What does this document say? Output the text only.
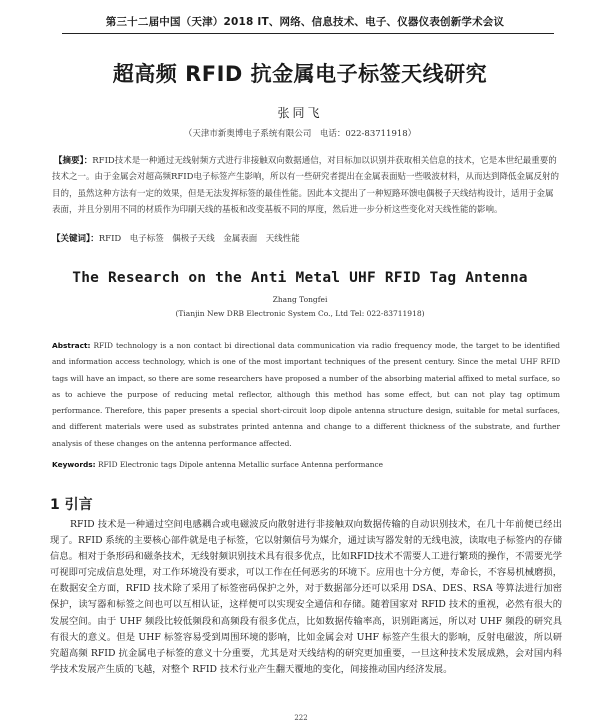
第三十二届中国（天津）2018 IT、网络、信息技术、电子、仪器仪表创新学术会议
超高频 RFID 抗金属电子标签天线研究
张同飞
（天津市新奥博电子系统有限公司　电话：022-83711918）
【摘要】：RFID技术是一种通过无线射频方式进行非接触双向数据通信，对目标加以识别并获取相关信息的技术，它是本世纪最重要的技术之一。由于金属会对超高频RFID电子标签产生影响，所以有一些研究者提出在金属表面贴一些吸波材料，从而达到降低金属反射的目的，虽然这种方法有一定的效果，但是无法发挥标签的最佳性能。因此本文提出了一种短路环馈电偶极子天线结构设计，适用于金属表面，并且分别用不同的材质作为印刷天线的基板和改变基板不同的厚度，然后进一步分析这些变化对天线性能的影响。
【关键词】：RFID　电子标签　偶极子天线　金属表面　天线性能
The Research on the Anti Metal UHF RFID Tag Antenna
Zhang Tongfei
(Tianjin New DRB Electronic System Co., Ltd Tel: 022-83711918)
Abstract: RFID technology is a non contact bi directional data communication via radio frequency mode, the target to be identified and information access technology, which is one of the most important techniques of the present century. Since the metal UHF RFID tags will have an impact, so there are some researchers have proposed a number of the absorbing material affixed to metal surface, so as to achieve the purpose of reducing metal reflector, although this method has some effect, but can not play tag optimum performance. Therefore, this paper presents a special short-circuit loop dipole antenna structure design, suitable for metal surfaces, and different materials were used as substrates printed antenna and change to a different thickness of the substrate, and further analysis of these changes on the antenna performance affected.
Keywords: RFID Electronic tags Dipole antenna Metallic surface Antenna performance
1 引言
RFID 技术是一种通过空间电感耦合或电磁波反向散射进行非接触双向数据传输的自动识别技术，在几十年前便已经出现了。RFID 系统的主要核心部件就是电子标签，它以射频信号为媒介，通过读写器发射的无线电波，读取电子标签内的存储信息。相对于条形码和磁条技术，无线射频识别技术具有很多优点，比如RFID技术不需要人工进行繁琐的操作，不需要光学可视即可完成信息处理，对工作环境没有要求，可以工作在任何恶劣的环境下。应用也十分方便，寿命长，不容易机械磨损，在数据安全方面，RFID 技术除了采用了标签密码保护之外，对于数据部分还可以采用 DSA、DES、RSA 等算法进行加密保护，读写器和标签之间也可以互相认证，这样便可以实现安全通信和存储。随着国家对 RFID 技术的重视，必然有很大的发展空间。由于 UHF 频段比较低频段和高频段有很多优点，比如数据传输率高，识别距离远，所以对 UHF 频段的研究具有很大的意义。但是 UHF 标签容易受到周围环境的影响，比如金属会对 UHF 标签产生很大的影响，反射电磁波，所以研究超高频 RFID 抗金属电子标签的意义十分重要，尤其是对天线结构的研究更加重要，一旦这种技术发展成熟，会对国内科学技术发展产生质的飞越，对整个 RFID 技术行业产生翻天覆地的变化，间接推动国内经济发展。
222
